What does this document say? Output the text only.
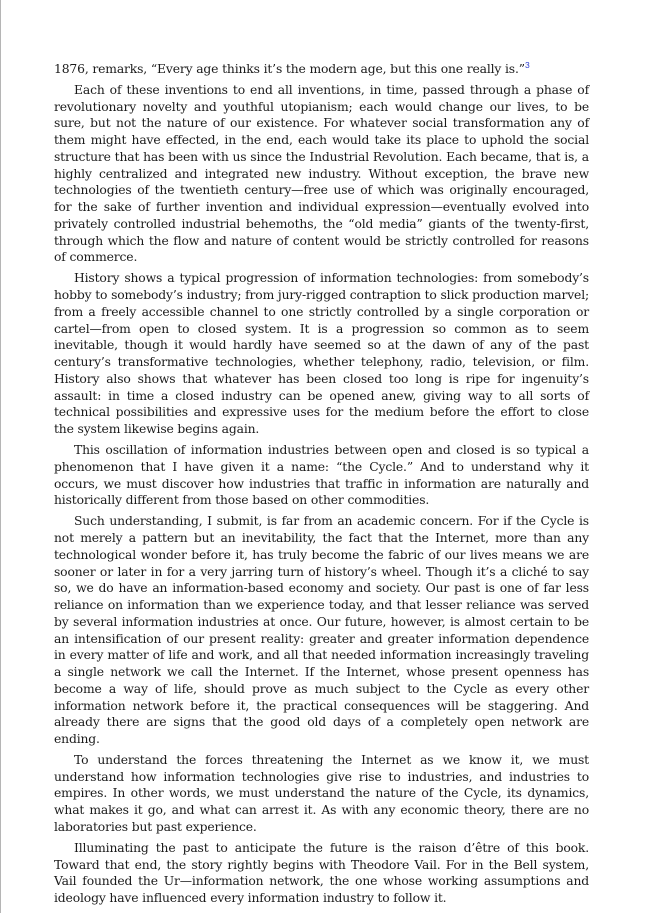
1876, remarks, “Every age thinks it’s the modern age, but this one really is.”$^3$

Each of these inventions to end all inventions, in time, passed through a phase of revolutionary novelty and youthful utopianism; each would change our lives, to be sure, but not the nature of our existence. For whatever social transformation any of them might have effected, in the end, each would take its place to uphold the social structure that has been with us since the Industrial Revolution. Each became, that is, a highly centralized and integrated new industry. Without exception, the brave new technologies of the twentieth century—free use of which was originally encouraged, for the sake of further invention and individual expression—eventually evolved into privately controlled industrial behemoths, the “old media” giants of the twenty-first, through which the flow and nature of content would be strictly controlled for reasons of commerce.

History shows a typical progression of information technologies: from somebody’s hobby to somebody’s industry; from jury-rigged contraption to slick production marvel; from a freely accessible channel to one strictly controlled by a single corporation or cartel—from open to closed system. It is a progression so common as to seem inevitable, though it would hardly have seemed so at the dawn of any of the past century’s transformative technologies, whether telephony, radio, television, or film. History also shows that whatever has been closed too long is ripe for ingenuity’s assault: in time a closed industry can be opened anew, giving way to all sorts of technical possibilities and expressive uses for the medium before the effort to close the system likewise begins again.

This oscillation of information industries between open and closed is so typical a phenomenon that I have given it a name: “the Cycle.” And to understand why it occurs, we must discover how industries that traffic in information are naturally and historically different from those based on other commodities.

Such understanding, I submit, is far from an academic concern. For if the Cycle is not merely a pattern but an inevitability, the fact that the Internet, more than any technological wonder before it, has truly become the fabric of our lives means we are sooner or later in for a very jarring turn of history’s wheel. Though it’s a cliché to say so, we do have an information-based economy and society. Our past is one of far less reliance on information than we experience today, and that lesser reliance was served by several information industries at once. Our future, however, is almost certain to be an intensification of our present reality: greater and greater information dependence in every matter of life and work, and all that needed information increasingly traveling a single network we call the Internet. If the Internet, whose present openness has become a way of life, should prove as much subject to the Cycle as every other information network before it, the practical consequences will be staggering. And already there are signs that the good old days of a completely open network are ending.

To understand the forces threatening the Internet as we know it, we must understand how information technologies give rise to industries, and industries to empires. In other words, we must understand the nature of the Cycle, its dynamics, what makes it go, and what can arrest it. As with any economic theory, there are no laboratories but past experience.

Illuminating the past to anticipate the future is the raison d’être of this book. Toward that end, the story rightly begins with Theodore Vail. For in the Bell system, Vail founded the Ur—information network, the one whose working assumptions and ideology have influenced every information industry to follow it.
